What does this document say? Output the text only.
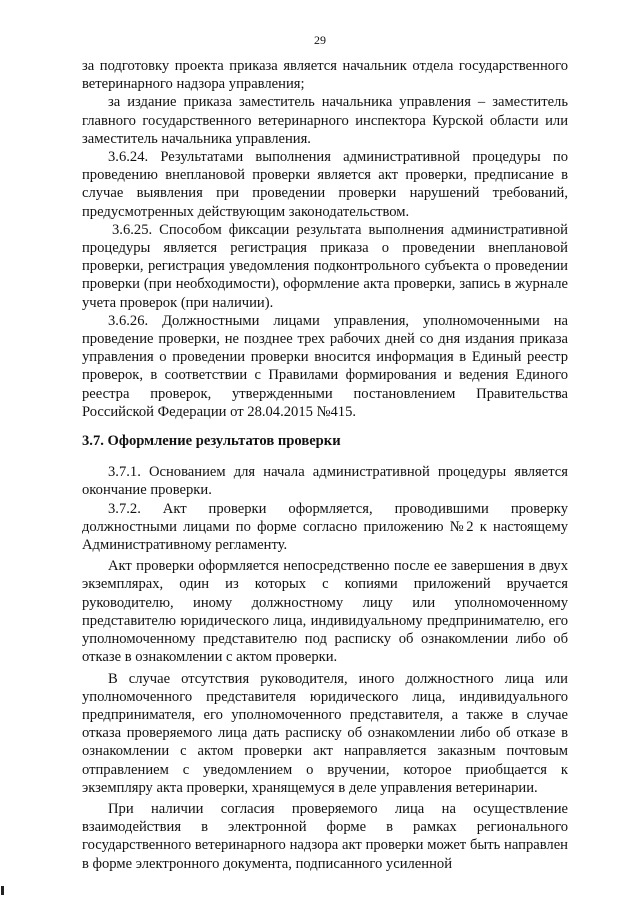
29

за подготовку проекта приказа является начальник отдела государственного ветеринарного надзора управления;

за издание приказа заместитель начальника управления – заместитель главного государственного ветеринарного инспектора Курской области или заместитель начальника управления.

3.6.24. Результатами выполнения административной процедуры по проведению внеплановой проверки является акт проверки, предписание в случае выявления при проведении проверки нарушений требований, предусмотренных действующим законодательством.

3.6.25. Способом фиксации результата выполнения административной процедуры является регистрация приказа о проведении внеплановой проверки, регистрация уведомления подконтрольного субъекта о проведении проверки (при необходимости), оформление акта проверки, запись в журнале учета проверок (при наличии).

3.6.26. Должностными лицами управления, уполномоченными на проведение проверки, не позднее трех рабочих дней со дня издания приказа управления о проведении проверки вносится информация в Единый реестр проверок, в соответствии с Правилами формирования и ведения Единого реестра проверок, утвержденными постановлением Правительства Российской Федерации от 28.04.2015 №415.

3.7. Оформление результатов проверки

3.7.1. Основанием для начала административной процедуры является окончание проверки.

3.7.2. Акт проверки оформляется, проводившими проверку должностными лицами по форме согласно приложению №2 к настоящему Административному регламенту.

Акт проверки оформляется непосредственно после ее завершения в двух экземплярах, один из которых с копиями приложений вручается руководителю, иному должностному лицу или уполномоченному представителю юридического лица, индивидуальному предпринимателю, его уполномоченному представителю под расписку об ознакомлении либо об отказе в ознакомлении с актом проверки.

В случае отсутствия руководителя, иного должностного лица или уполномоченного представителя юридического лица, индивидуального предпринимателя, его уполномоченного представителя, а также в случае отказа проверяемого лица дать расписку об ознакомлении либо об отказе в ознакомлении с актом проверки акт направляется заказным почтовым отправлением с уведомлением о вручении, которое приобщается к экземпляру акта проверки, хранящемуся в деле управления ветеринарии.

При наличии согласия проверяемого лица на осуществление взаимодействия в электронной форме в рамках регионального государственного ветеринарного надзора акт проверки может быть направлен в форме электронного документа, подписанного усиленной
